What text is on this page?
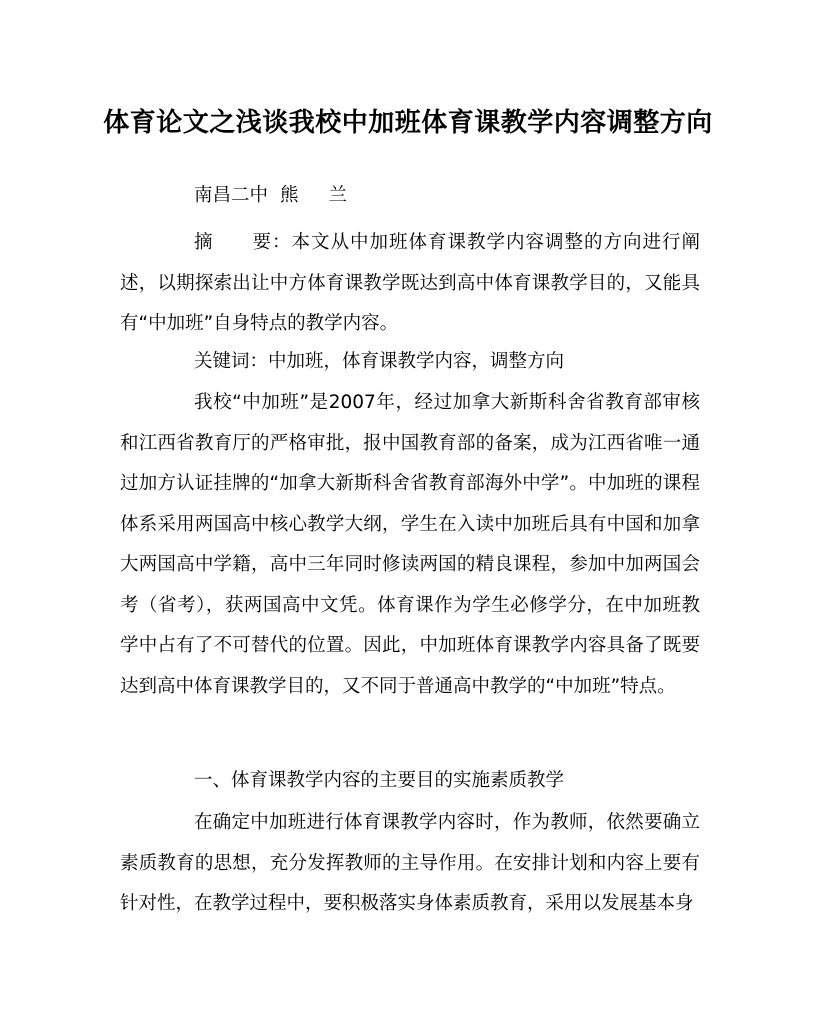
体育论文之浅谈我校中加班体育课教学内容调整方向
南昌二中 熊 兰
摘　　要：本文从中加班体育课教学内容调整的方向进行阐述，以期探索出让中方体育课教学既达到高中体育课教学目的，又能具有“中加班”自身特点的教学内容。
关键词：中加班，体育课教学内容，调整方向
我校“中加班”是2007年，经过加拿大新斯科舍省教育部审核和江西省教育厅的严格审批，报中国教育部的备案，成为江西省唯一通过加方认证挂牌的“加拿大新斯科舍省教育部海外中学”。中加班的课程体系采用两国高中核心教学大纲，学生在入读中加班后具有中国和加拿大两国高中学籍，高中三年同时修读两国的精良课程，参加中加两国会考（省考），获两国高中文凭。体育课作为学生必修学分，在中加班教学中占有了不可替代的位置。因此，中加班体育课教学内容具备了既要达到高中体育课教学目的，又不同于普通高中教学的“中加班”特点。
一、体育课教学内容的主要目的实施素质教学
在确定中加班进行体育课教学内容时，作为教师，依然要确立素质教育的思想，充分发挥教师的主导作用。在安排计划和内容上要有针对性，在教学过程中，要积极落实身体素质教育，采用以发展基本身
